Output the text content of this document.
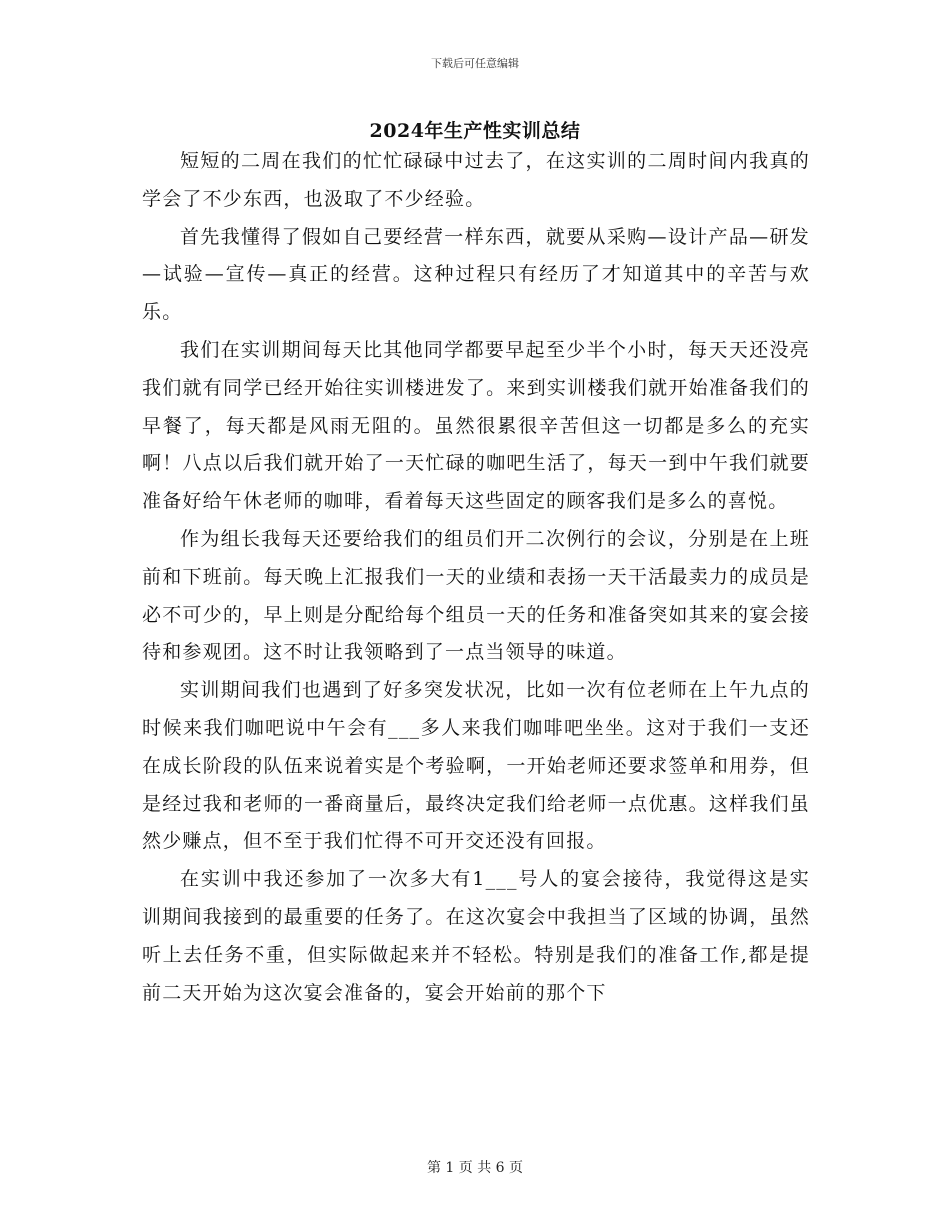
下载后可任意编辑
2024年生产性实训总结

短短的二周在我们的忙忙碌碌中过去了，在这实训的二周时间内我真的学会了不少东西，也汲取了不少经验。

首先我懂得了假如自己要经营一样东西，就要从采购—设计产品—研发—试验—宣传—真正的经营。这种过程只有经历了才知道其中的辛苦与欢乐。

我们在实训期间每天比其他同学都要早起至少半个小时，每天天还没亮我们就有同学已经开始往实训楼进发了。来到实训楼我们就开始准备我们的早餐了，每天都是风雨无阻的。虽然很累很辛苦但这一切都是多么的充实啊！八点以后我们就开始了一天忙碌的咖吧生活了，每天一到中午我们就要准备好给午休老师的咖啡，看着每天这些固定的顾客我们是多么的喜悦。

作为组长我每天还要给我们的组员们开二次例行的会议，分别是在上班前和下班前。每天晚上汇报我们一天的业绩和表扬一天干活最卖力的成员是必不可少的，早上则是分配给每个组员一天的任务和准备突如其来的宴会接待和参观团。这不时让我领略到了一点当领导的味道。

实训期间我们也遇到了好多突发状况，比如一次有位老师在上午九点的时候来我们咖吧说中午会有___多人来我们咖啡吧坐坐。这对于我们一支还在成长阶段的队伍来说着实是个考验啊，一开始老师还要求签单和用券，但是经过我和老师的一番商量后，最终决定我们给老师一点优惠。这样我们虽然少赚点，但不至于我们忙得不可开交还没有回报。

在实训中我还参加了一次多大有1___号人的宴会接待，我觉得这是实训期间我接到的最重要的任务了。在这次宴会中我担当了区域的协调，虽然听上去任务不重，但实际做起来并不轻松。特别是我们的准备工作,都是提前二天开始为这次宴会准备的，宴会开始前的那个下

第 1 页 共 6 页
